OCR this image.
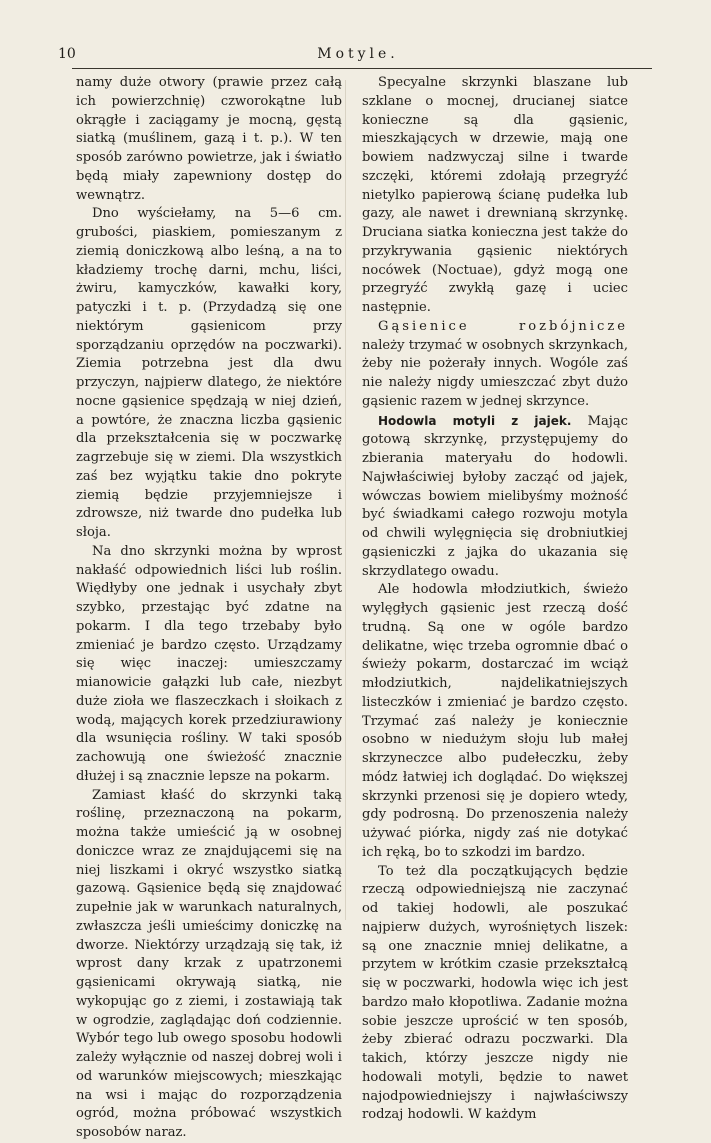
10	Motyle.

namy duże otwory (prawie przez całą ich powierzchnię) czworokątne lub okrągłe i zaciągamy je mocną, gęstą siatką (muślinem, gazą i t. p.). W ten sposób zarówno powietrze, jak i światło będą miały zapewniony dostęp do wewnątrz.

Dno wyściełamy, na 5—6 cm. grubości, piaskiem, pomieszanym z ziemią doniczkową albo leśną, a na to kładziemy trochę darni, mchu, liści, żwiru, kamyczków, kawałki kory, patyczki i t. p. (Przydadzą się one niektórym gąsienicom przy sporządzaniu oprzędów na poczwarki). Ziemia potrzebna jest dla dwu przyczyn, najpierw dlatego, że niektóre nocne gąsienice spędzają w niej dzień, a powtóre, że znaczna liczba gąsienic dla przekształcenia się w poczwarkę zagrzebuje się w ziemi. Dla wszystkich zaś bez wyjątku takie dno pokryte ziemią będzie przyjemniejsze i zdrowsze, niż twarde dno pudełka lub słoja.

Na dno skrzynki można by wprost nakłaść odpowiednich liści lub roślin. Więdłyby one jednak i usychały zbyt szybko, przestając być zdatne na pokarm. I dla tego trzebaby było zmieniać je bardzo często. Urządzamy się więc inaczej: umieszczamy mianowicie gałązki lub całe, niezbyt duże zioła we flaszeczkach i słoikach z wodą, mających korek przedziurawiony dla wsunięcia rośliny. W taki sposób zachowują one świeżość znacznie dłużej i są znacznie lepsze na pokarm.

Zamiast kłaść do skrzynki taką roślinę, przeznaczoną na pokarm, można także umieścić ją w osobnej doniczce wraz ze znajdującemi się na niej liszkami i okryć wszystko siatką gazową. Gąsienice będą się znajdować zupełnie jak w warunkach naturalnych, zwłaszcza jeśli umieścimy doniczkę na dworze. Niektórzy urządzają się tak, iż wprost dany krzak z upatrzonemi gąsienicami okrywają siatką, nie wykopując go z ziemi, i zostawiają tak w ogrodzie, zaglądając doń codziennie. Wybór tego lub owego sposobu hodowli zależy wyłącznie od naszej dobrej woli i od warunków miejscowych; mieszkając na wsi i mając do rozporządzenia ogród, można próbować wszystkich sposobów naraz.

Specyalne skrzynki blaszane lub szklane o mocnej, drucianej siatce konieczne są dla gąsienic, mieszkających w drzewie, mają one bowiem nadzwyczaj silne i twarde szczęki, któremi zdołają przegryźć nietylko papierową ścianę pudełka lub gazy, ale nawet i drewnianą skrzynkę. Druciana siatka konieczna jest także do przykrywania gąsienic niektórych nocówek (Noctuae), gdyż mogą one przegryźć zwykłą gazę i uciec następnie.

Gąsienice rozbójnicze należy trzymać w osobnych skrzynkach, żeby nie pożerały innych. Wogóle zaś nie należy nigdy umieszczać zbyt dużo gąsienic razem w jednej skrzynce.

Hodowla motyli z jajek. Mając gotową skrzynkę, przystępujemy do zbierania materyału do hodowli. Najwłaściwiej byłoby zacząć od jajek, wówczas bowiem mielibyśmy możność być świadkami całego rozwoju motyla od chwili wylęgnięcia się drobniutkiej gąsieniczki z jajka do ukazania się skrzydlatego owadu.

Ale hodowla młodziutkich, świeżo wylęgłych gąsienic jest rzeczą dość trudną. Są one w ogóle bardzo delikatne, więc trzeba ogromnie dbać o świeży pokarm, dostarczać im wciąż młodziutkich, najdelikatniejszych listeczków i zmieniać je bardzo często. Trzymać zaś należy je koniecznie osobno w niedużym słoju lub małej skrzyneczce albo pudełeczku, żeby módz łatwiej ich doglądać. Do większej skrzynki przenosi się je dopiero wtedy, gdy podrosną. Do przenoszenia należy używać piórka, nigdy zaś nie dotykać ich ręką, bo to szkodzi im bardzo.

To też dla początkujących będzie rzeczą odpowiedniejszą nie zaczynać od takiej hodowli, ale poszukać najpierw dużych, wyrośniętych liszek: są one znacznie mniej delikatne, a przytem w krótkim czasie przekształcą się w poczwarki, hodowla więc ich jest bardzo mało kłopotliwa. Zadanie można sobie jeszcze uprościć w ten sposób, żeby zbierać odrazu poczwarki. Dla takich, którzy jeszcze nigdy nie hodowali motyli, będzie to nawet najodpowiedniejszy i najwłaściwszy rodzaj hodowli. W każdym
